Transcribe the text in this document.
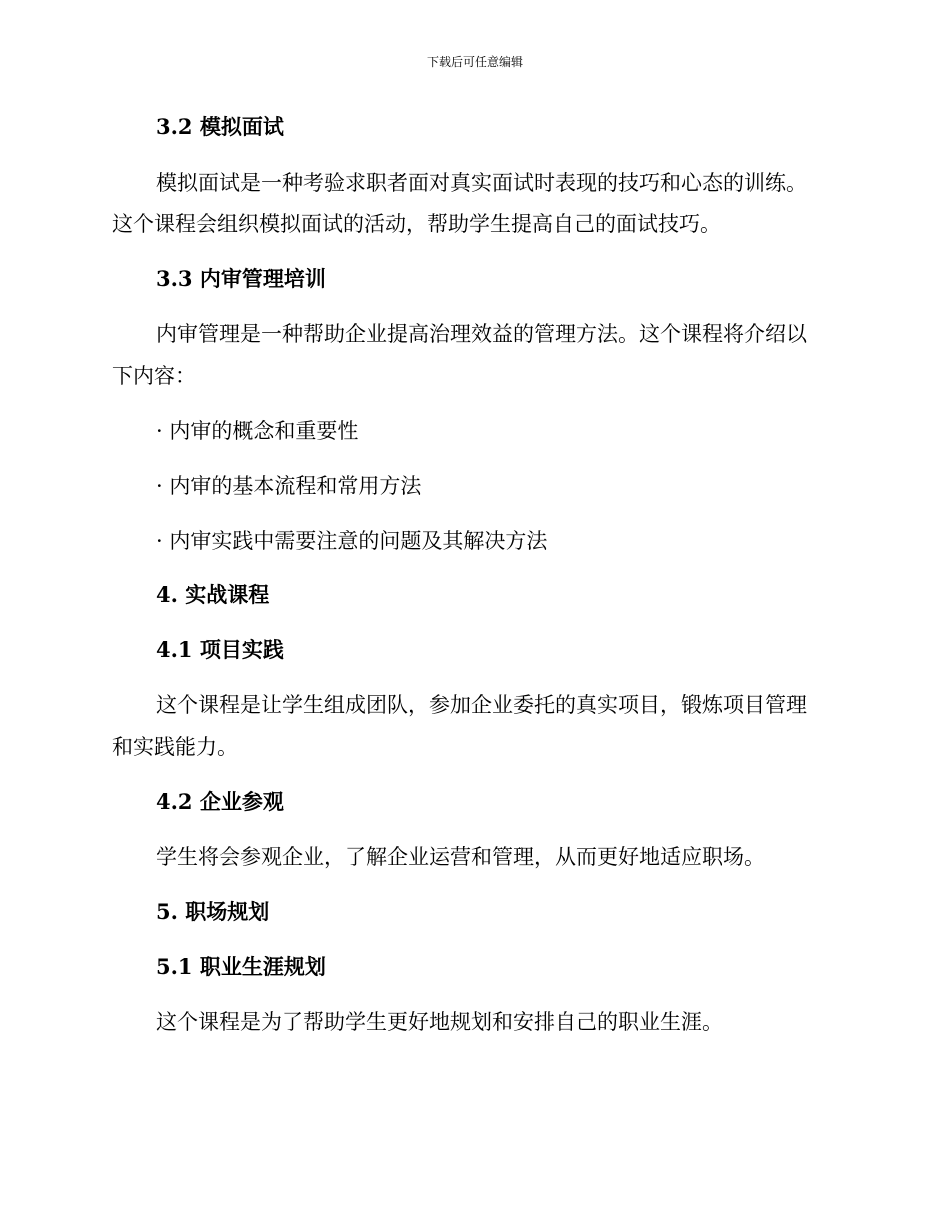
下载后可任意编辑
3.2 模拟面试
模拟面试是一种考验求职者面对真实面试时表现的技巧和心态的训练。
这个课程会组织模拟面试的活动，帮助学生提高自己的面试技巧。
3.3 内审管理培训
内审管理是一种帮助企业提高治理效益的管理方法。这个课程将介绍以
下内容：
· 内审的概念和重要性
· 内审的基本流程和常用方法
· 内审实践中需要注意的问题及其解决方法
4. 实战课程
4.1 项目实践
这个课程是让学生组成团队，参加企业委托的真实项目，锻炼项目管理
和实践能力。
4.2 企业参观
学生将会参观企业，了解企业运营和管理，从而更好地适应职场。
5. 职场规划
5.1 职业生涯规划
这个课程是为了帮助学生更好地规划和安排自己的职业生涯。
